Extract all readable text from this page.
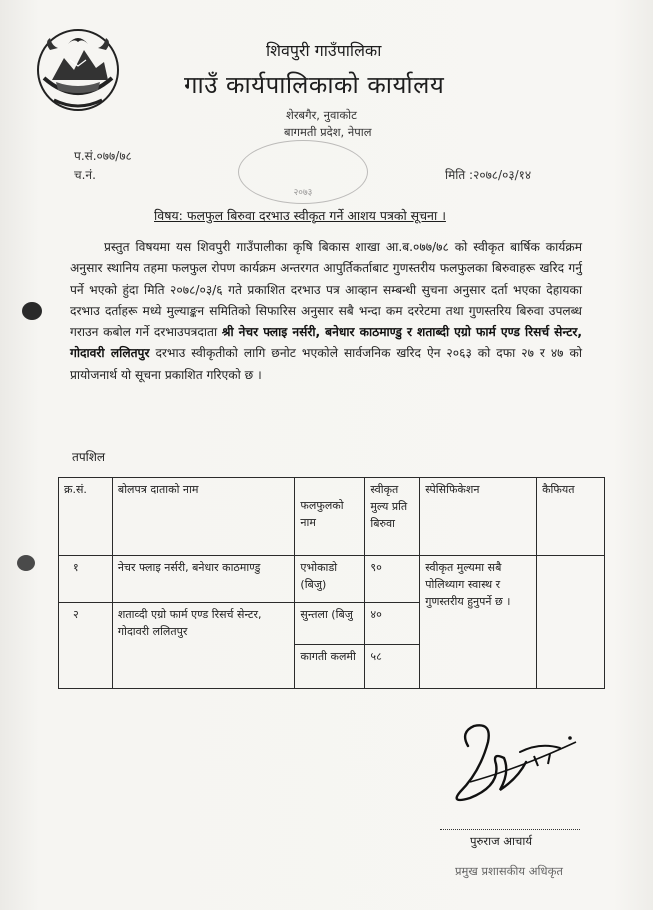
शिवपुरी गाउँपालिका
गाउँ कार्यपालिकाको कार्यालय
शेरबगैर, नुवाकोट
बागमती प्रदेश, नेपाल
२०७३
प.सं.०७७/७८
च.नं.	मिति :२०७८/०३/१४
विषय: फलफुल बिरुवा दरभाउ स्वीकृत गर्ने आशय पत्रको सूचना ।
प्रस्तुत विषयमा यस शिवपुरी गाउँपालीका कृषि बिकास शाखा आ.ब.०७७/७८ को स्वीकृत बार्षिक कार्यक्रम अनुसार स्थानिय तहमा फलफुल रोपण कार्यक्रम अन्तरगत आपुर्तिकर्ताबाट गुणस्तरीय फलफुलका बिरुवाहरू खरिद गर्नु पर्ने भएको हुंदा मिति २०७८/०३/६ गते प्रकाशित दरभाउ पत्र आव्हान सम्बन्धी सुचना अनुसार दर्ता भएका देहायका दरभाउ दर्ताहरू मध्ये मुल्याङ्कन समितिको सिफारिस अनुसार सबै भन्दा कम दररेटमा तथा गुणस्तरिय बिरुवा उपलब्ध गराउन कबोल गर्ने दरभाउपत्रदाता श्री नेचर फ्लाइ नर्सरी, बनेधार काठमाण्डु र शताब्दी एग्रो फार्म एण्ड रिसर्च सेन्टर, गोदावरी ललितपुर दरभाउ स्वीकृतीको लागि छनोट भएकोले सार्वजनिक खरिद ऐन २०६३ को दफा २७ र ४७ को प्रायोजनार्थ यो सूचना प्रकाशित गरिएको छ ।
तपशिल
क्र.सं.	बोलपत्र दाताको नाम	फलफुलको नाम	स्वीकृत मुल्य प्रति बिरुवा	स्पेसिफिकेशन	कैफियत
१	नेचर फ्लाइ नर्सरी, बनेधार काठमाण्डु	एभोकाडो (बिजु)	९०	स्वीकृत मुल्यमा सबै पोलिथ्याग स्वास्थ र गुणस्तरीय हुनुपर्ने छ ।	
२	शताव्दी एग्रो फार्म एण्ड रिसर्च सेन्टर, गोदावरी ललितपुर	सुन्तला (बिजु	४०		
		कागती कलमी	५८		
पुरुराज आचार्य
प्रमुख प्रशासकीय अधिकृत
